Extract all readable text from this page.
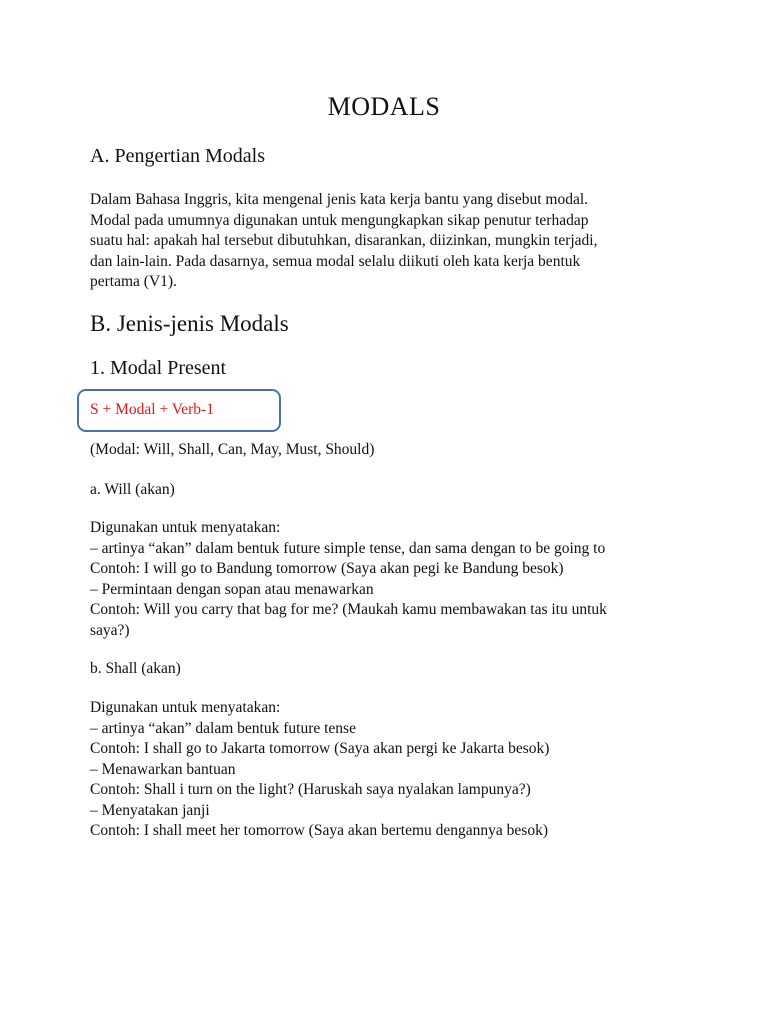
MODALS
A. Pengertian Modals
Dalam Bahasa Inggris, kita mengenal jenis kata kerja bantu yang disebut modal.
Modal pada umumnya digunakan untuk mengungkapkan sikap penutur terhadap
suatu hal: apakah hal tersebut dibutuhkan, disarankan, diizinkan, mungkin terjadi,
dan lain-lain. Pada dasarnya, semua modal selalu diikuti oleh kata kerja bentuk
pertama (V1).
B. Jenis-jenis Modals
1. Modal Present
S + Modal + Verb-1
(Modal: Will, Shall, Can, May, Must, Should)
a. Will (akan)
Digunakan untuk menyatakan:
– artinya “akan” dalam bentuk future simple tense, dan sama dengan to be going to
Contoh: I will go to Bandung tomorrow (Saya akan pegi ke Bandung besok)
– Permintaan dengan sopan atau menawarkan
Contoh: Will you carry that bag for me? (Maukah kamu membawakan tas itu untuk
saya?)
b. Shall (akan)
Digunakan untuk menyatakan:
– artinya “akan” dalam bentuk future tense
Contoh: I shall go to Jakarta tomorrow (Saya akan pergi ke Jakarta besok)
– Menawarkan bantuan
Contoh: Shall i turn on the light? (Haruskah saya nyalakan lampunya?)
– Menyatakan janji
Contoh: I shall meet her tomorrow (Saya akan bertemu dengannya besok)
